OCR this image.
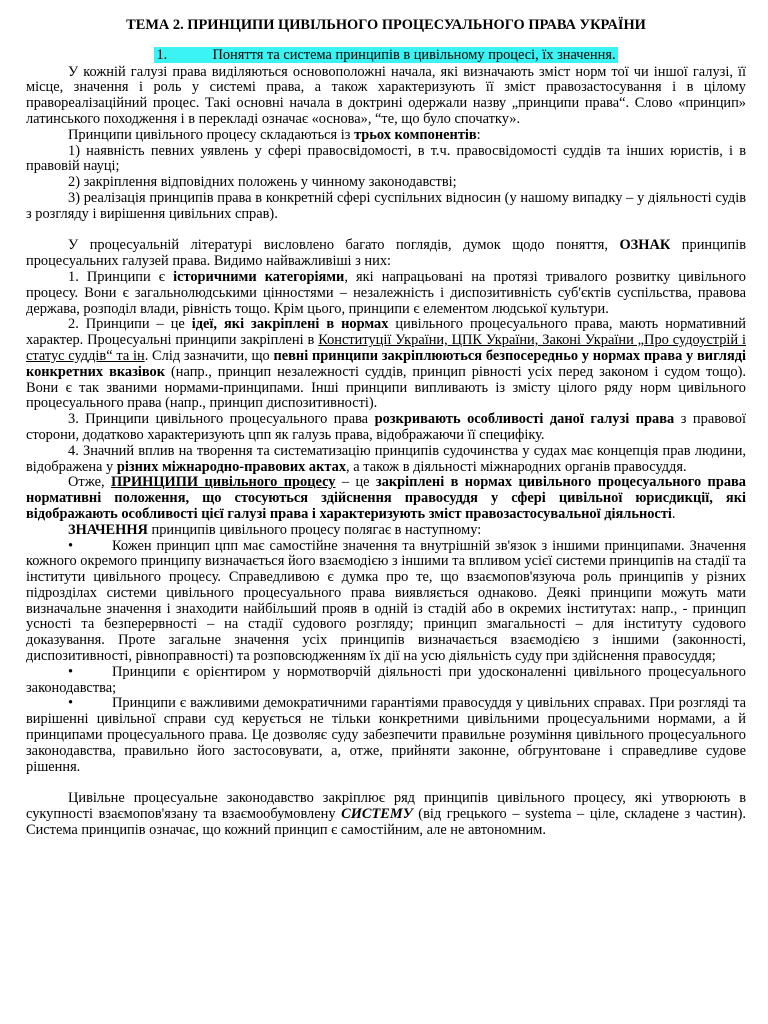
ТЕМА 2. ПРИНЦИПИ ЦИВІЛЬНОГО ПРОЦЕСУАЛЬНОГО ПРАВА УКРАЇНИ
1.	Поняття та система принципів в цивільному процесі, їх значення.

У кожній галузі права виділяються основоположні начала, які визначають зміст норм тої чи іншої галузі, її місце, значення і роль у системі права, а також характеризують її зміст правозастосування і в цілому правореалізаційний процес. Такі основні начала в доктрині одержали назву „принципи права“. Слово «принцип» латинського походження і в перекладі означає «основа», “те, що було спочатку».

Принципи цивільного процесу складаються із трьох компонентів:

1) наявність певних уявлень у сфері правосвідомості, в т.ч. правосвідомості суддів та інших юристів, і в правовій науці;

2) закріплення відповідних положень у чинному законодавстві;

3) реалізація принципів права в конкретній сфері суспільних відносин (у нашому випадку – у діяльності судів з розгляду і вирішення цивільних справ).

У процесуальній літературі висловлено багато поглядів, думок щодо поняття, ОЗНАК принципів процесуальних галузей права. Видимо найважливіші з них:

1. Принципи є історичними категоріями, які напрацьовані на протязі тривалого розвитку цивільного процесу. Вони є загальнолюдськими цінностями – незалежність і диспозитивність суб'єктів суспільства, правова держава, розподіл влади, рівність тощо. Крім цього, принципи є елементом людської культури.

2. Принципи – це ідеї, які закріплені в нормах цивільного процесуального права, мають нормативний характер. Процесуальні принципи закріплені в Конституції України, ЦПК України, Законі України „Про судоустрій і статус суддів“ та ін. Слід зазначити, що певні принципи закріплюються безпосередньо у нормах права у вигляді конкретних вказівок (напр., принцип незалежності суддів, принцип рівності усіх перед законом і судом тощо). Вони є так званими нормами-принципами. Інші принципи випливають із змісту цілого ряду норм цивільного процесуального права (напр., принцип диспозитивності).

3. Принципи цивільного процесуального права розкривають особливості даної галузі права з правової сторони, додатково характеризують цпп як галузь права, відображаючи її специфіку.

4. Значний вплив на творення та систематизацію принципів судочинства у судах має концепція прав людини, відображена у різних міжнародно-правових актах, а також в діяльності міжнародних органів правосуддя.

Отже, ПРИНЦИПИ цивільного процесу – це закріплені в нормах цивільного процесуального права нормативні положення, що стосуються здійснення правосуддя у сфері цивільної юрисдикції, які відображають особливості цієї галузі права і характеризують зміст правозастосувальної діяльності.

ЗНАЧЕННЯ принципів цивільного процесу полягає в наступному:

•	Кожен принцип цпп має самостійне значення та внутрішній зв'язок з іншими принципами. Значення кожного окремого принципу визначається його взаємодією з іншими та впливом усієї системи принципів на стадії та інститути цивільного процесу. Справедливою є думка про те, що взаємопов'язуюча роль принципів у різних підрозділах системи цивільного процесуального права виявляється однаково. Деякі принципи можуть мати визначальне значення і знаходити найбільший прояв в одній із стадій або в окремих інститутах: напр., - принцип усності та безперервності – на стадії судового розгляду; принцип змагальності – для інституту судового доказування. Проте загальне значення усіх принципів визначається взаємодією з іншими (законності, диспозитивності, рівноправності) та розповсюдженням їх дії на усю діяльність суду при здійснення правосуддя;

•	Принципи є орієнтиром у нормотворчій діяльності при удосконаленні цивільного процесуального законодавства;

•	Принципи є важливими демократичними гарантіями правосуддя у цивільних справах. При розгляді та вирішенні цивільної справи суд керується не тільки конкретними цивільними процесуальними нормами, а й принципами процесуального права. Це дозволяє суду забезпечити правильне розуміння цивільного процесуального законодавства, правильно його застосовувати, а, отже, прийняти законне, обгрунтоване і справедливе судове рішення.

Цивільне процесуальне законодавство закріплює ряд принципів цивільного процесу, які утворюють в сукупності взаємопов'язану та взаємообумовлену СИСТЕМУ (від грецького – systema – ціле, складене з частин). Система принципів означає, що кожний принцип є самостійним, але не автономним.
